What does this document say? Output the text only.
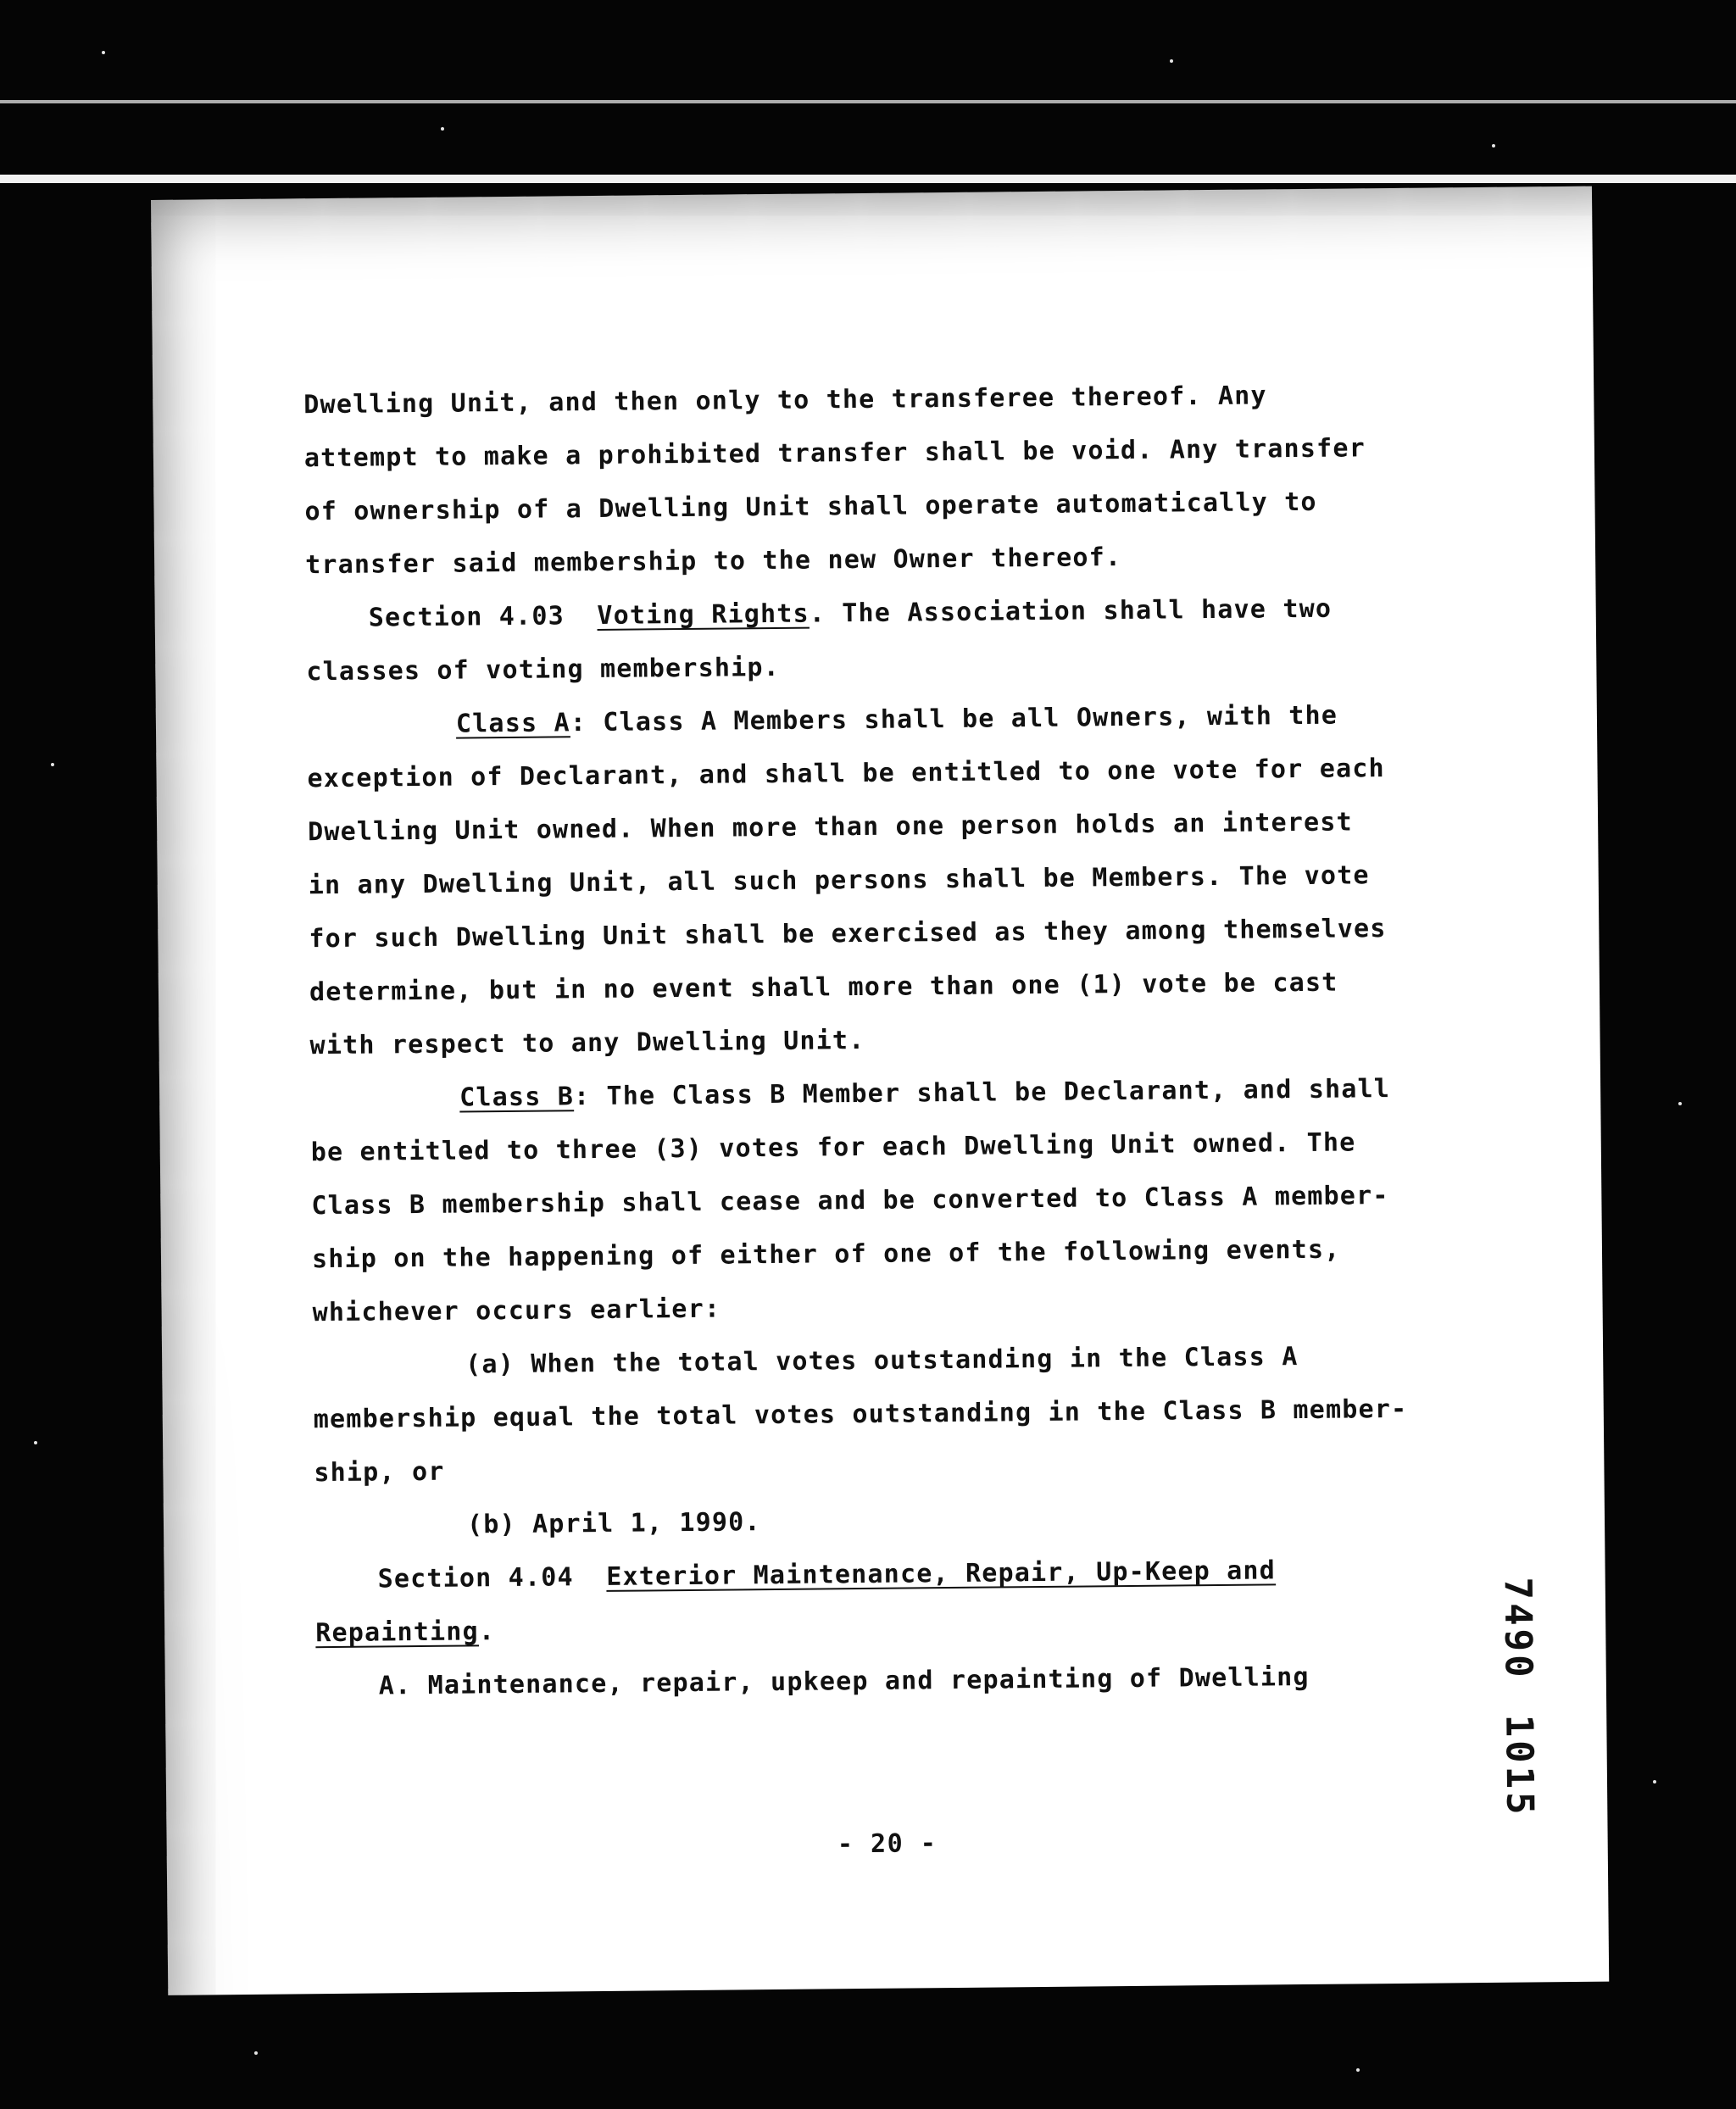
Dwelling Unit, and then only to the transferee thereof. Any
attempt to make a prohibited transfer shall be void. Any transfer
of ownership of a Dwelling Unit shall operate automatically to
transfer said membership to the new Owner thereof.
Section 4.03 Voting Rights. The Association shall have two
classes of voting membership.
Class A: Class A Members shall be all Owners, with the
exception of Declarant, and shall be entitled to one vote for each
Dwelling Unit owned. When more than one person holds an interest
in any Dwelling Unit, all such persons shall be Members. The vote
for such Dwelling Unit shall be exercised as they among themselves
determine, but in no event shall more than one (1) vote be cast
with respect to any Dwelling Unit.
Class B: The Class B Member shall be Declarant, and shall
be entitled to three (3) votes for each Dwelling Unit owned. The
Class B membership shall cease and be converted to Class A member-
ship on the happening of either of one of the following events,
whichever occurs earlier:
(a) When the total votes outstanding in the Class A
membership equal the total votes outstanding in the Class B member-
ship, or
(b) April 1, 1990.
Section 4.04 Exterior Maintenance, Repair, Up-Keep and
Repainting.
A. Maintenance, repair, upkeep and repainting of Dwelling
- 20 -
74901015
